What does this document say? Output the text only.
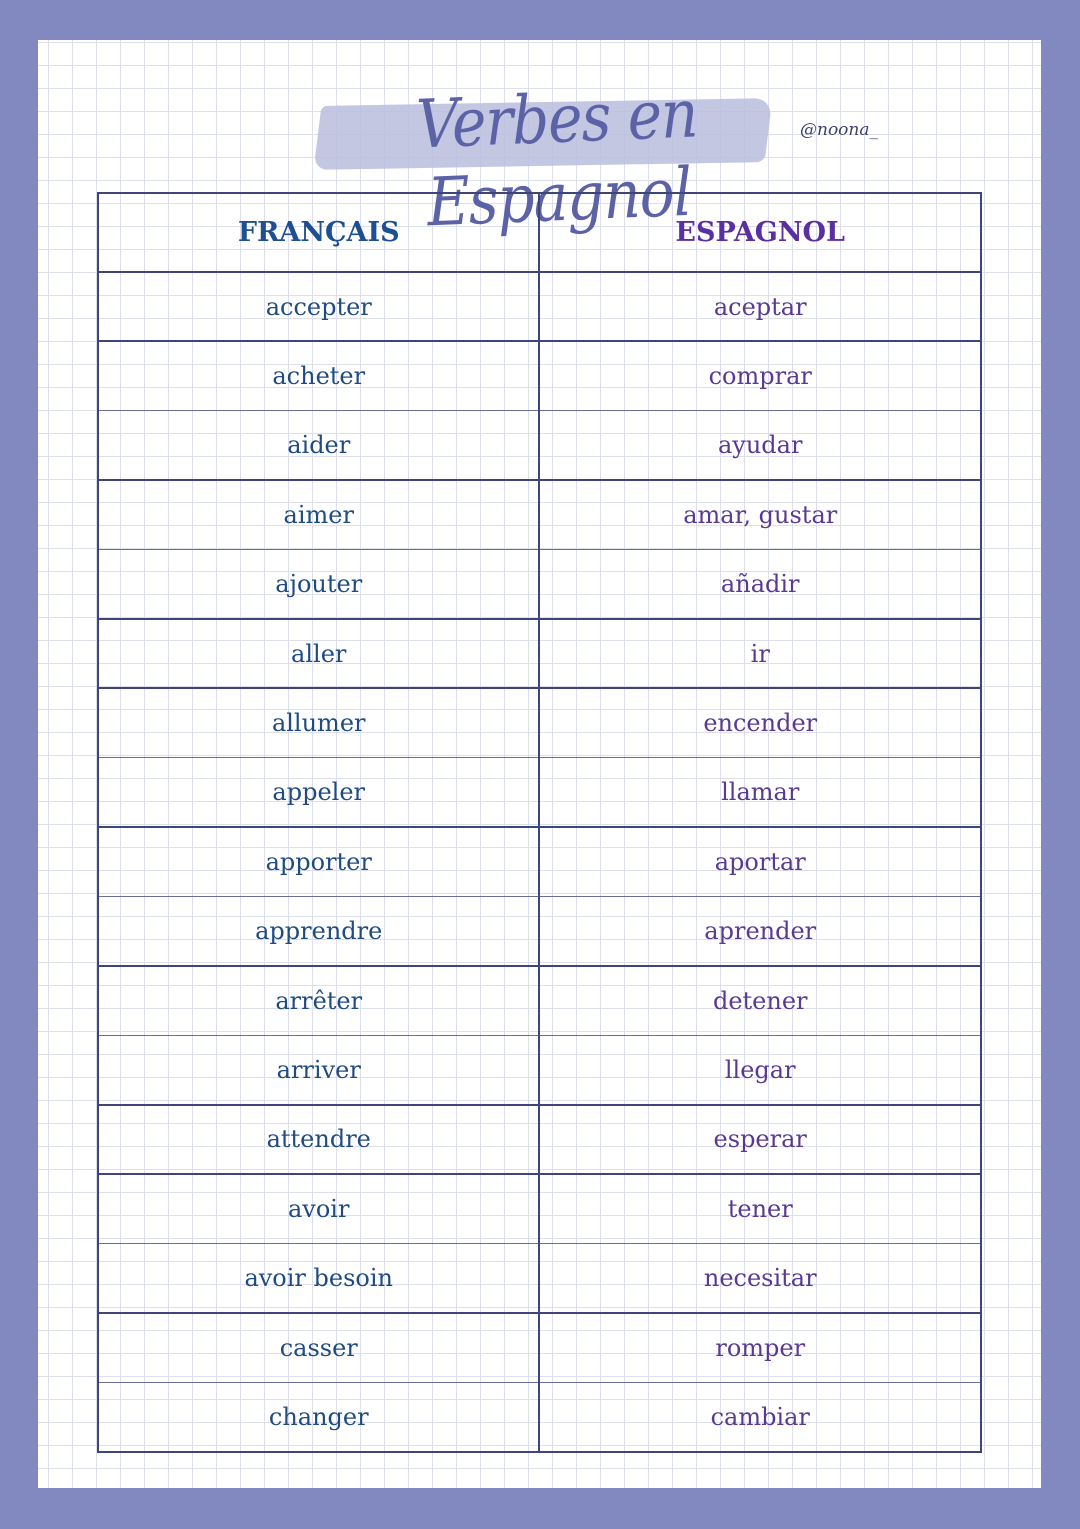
Verbes en Espagnol
@noona_
FRANÇAIS	ESPAGNOL
accepter	aceptar
acheter	comprar
aider	ayudar
aimer	amar, gustar
ajouter	añadir
aller	ir
allumer	encender
appeler	llamar
apporter	aportar
apprendre	aprender
arrêter	detener
arriver	llegar
attendre	esperar
avoir	tener
avoir besoin	necesitar
casser	romper
changer	cambiar
